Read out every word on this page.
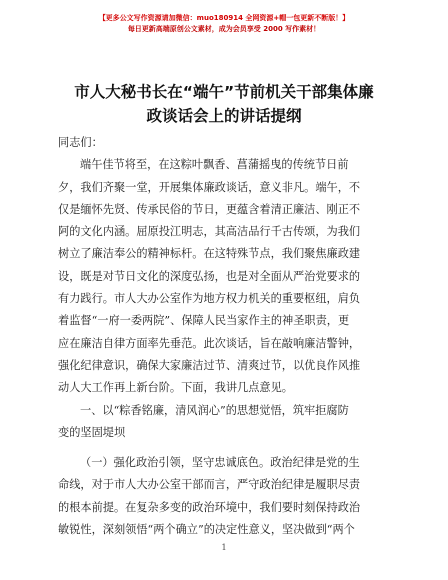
【更多公文写作资源请加微信：muo180914 全网资源+帽一包更新不断版！】
每日更新高端原创公文素材，成为会员享受 2000 写作素材！
市人大秘书长在“端午”节前机关干部集体廉
政谈话会上的讲话提纲
同志们：
端午佳节将至，在这粽叶飘香、菖蒲摇曳的传统节日前
夕，我们齐聚一堂，开展集体廉政谈话，意义非凡。端午，不
仅是缅怀先贤、传承民俗的节日，更蕴含着清正廉洁、刚正不
阿的文化内涵。屈原投江明志，其高洁品行千古传颂，为我们
树立了廉洁奉公的精神标杆。在这特殊节点，我们聚焦廉政建
设，既是对节日文化的深度弘扬，也是对全面从严治党要求的
有力践行。市人大办公室作为地方权力机关的重要枢纽，肩负
着监督“一府一委两院”、保障人民当家作主的神圣职责，更
应在廉洁自律方面率先垂范。此次谈话，旨在敲响廉洁警钟，
强化纪律意识，确保大家廉洁过节、清爽过节，以优良作风推
动人大工作再上新台阶。下面，我讲几点意见。
一、以“粽香铭廉，清风润心”的思想觉悟，筑牢拒腐防
变的坚固堤坝
（一）强化政治引领，坚守忠诚底色。政治纪律是党的生
命线，对于市人大办公室干部而言，严守政治纪律是履职尽责
的根本前提。在复杂多变的政治环境中，我们要时刻保持政治
敏锐性，深刻领悟“两个确立”的决定性意义，坚决做到“两个
1
